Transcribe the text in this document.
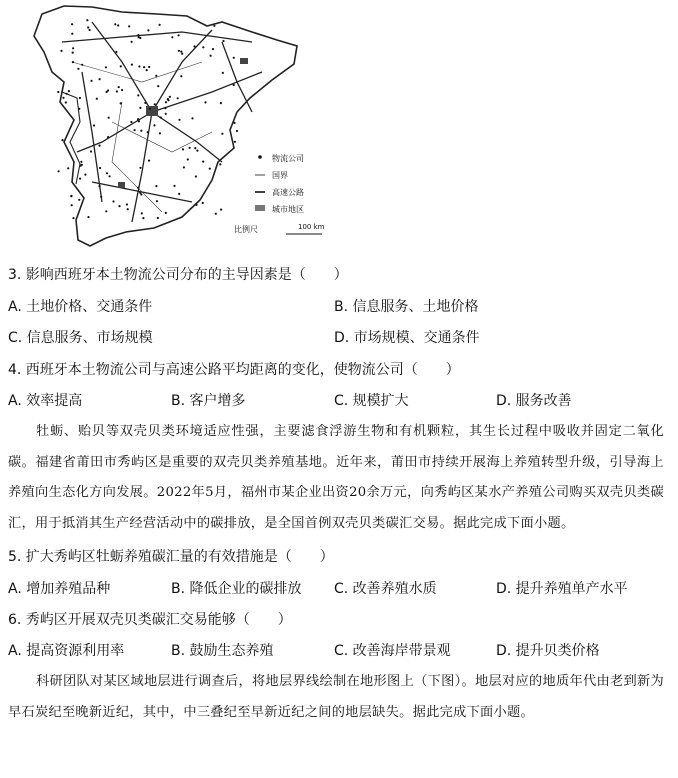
物流公司
国界
高速公路
城市地区
比例尺	100 km
3. 影响西班牙本土物流公司分布的主导因素是（　　）
A. 土地价格、交通条件	B. 信息服务、土地价格
C. 信息服务、市场规模	D. 市场规模、交通条件
4. 西班牙本土物流公司与高速公路平均距离的变化，使物流公司（　　）
A. 效率提高	B. 客户增多	C. 规模扩大	D. 服务改善
牡蛎、贻贝等双壳贝类环境适应性强，主要滤食浮游生物和有机颗粒，其生长过程中吸收并固定二氧化碳。福建省莆田市秀屿区是重要的双壳贝类养殖基地。近年来，莆田市持续开展海上养殖转型升级，引导海上养殖向生态化方向发展。2022年5月，福州市某企业出资20余万元，向秀屿区某水产养殖公司购买双壳贝类碳汇，用于抵消其生产经营活动中的碳排放，是全国首例双壳贝类碳汇交易。据此完成下面小题。
5. 扩大秀屿区牡蛎养殖碳汇量的有效措施是（　　）
A. 增加养殖品种	B. 降低企业的碳排放 C. 改善养殖水质	D. 提升养殖单产水平
6. 秀屿区开展双壳贝类碳汇交易能够（　　）
A. 提高资源利用率	B. 鼓励生态养殖	C. 改善海岸带景观	D. 提升贝类价格
科研团队对某区域地层进行调查后，将地层界线绘制在地形图上（下图）。地层对应的地质年代由老到新为早石炭纪至晚新近纪，其中，中三叠纪至早新近纪之间的地层缺失。据此完成下面小题。
